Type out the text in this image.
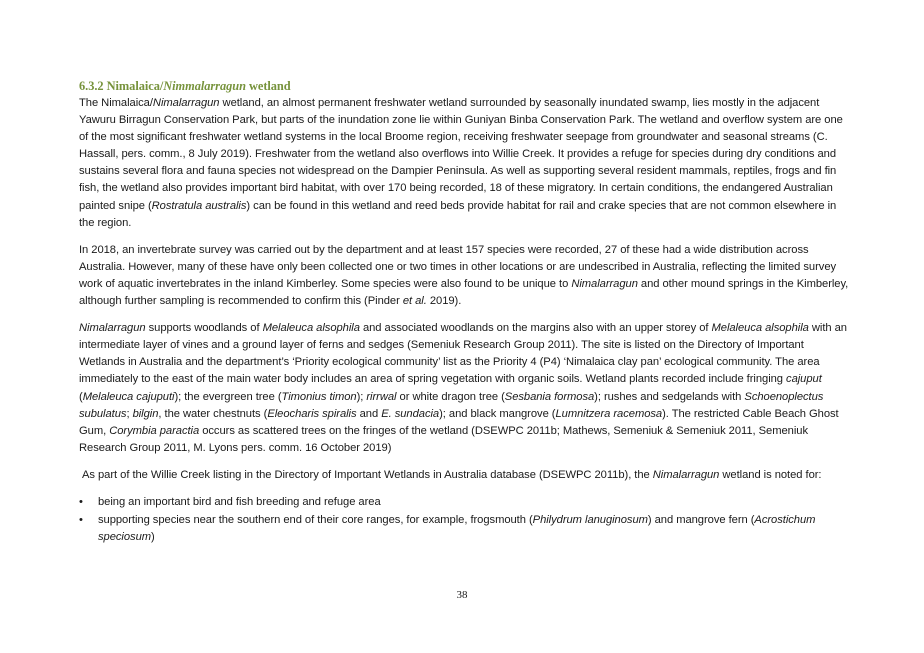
6.3.2 Nimalaica/Nimmalarragun wetland

The Nimalaica/Nimalarragun wetland, an almost permanent freshwater wetland surrounded by seasonally inundated swamp, lies mostly in the adjacent Yawuru Birragun Conservation Park, but parts of the inundation zone lie within Guniyan Binba Conservation Park. The wetland and overflow system are one of the most significant freshwater wetland systems in the local Broome region, receiving freshwater seepage from groundwater and seasonal streams (C. Hassall, pers. comm., 8 July 2019). Freshwater from the wetland also overflows into Willie Creek. It provides a refuge for species during dry conditions and sustains several flora and fauna species not widespread on the Dampier Peninsula. As well as supporting several resident mammals, reptiles, frogs and fin fish, the wetland also provides important bird habitat, with over 170 being recorded, 18 of these migratory. In certain conditions, the endangered Australian painted snipe (Rostratula australis) can be found in this wetland and reed beds provide habitat for rail and crake species that are not common elsewhere in the region.

In 2018, an invertebrate survey was carried out by the department and at least 157 species were recorded, 27 of these had a wide distribution across Australia. However, many of these have only been collected one or two times in other locations or are undescribed in Australia, reflecting the limited survey work of aquatic invertebrates in the inland Kimberley. Some species were also found to be unique to Nimalarragun and other mound springs in the Kimberley, although further sampling is recommended to confirm this (Pinder et al. 2019).

Nimalarragun supports woodlands of Melaleuca alsophila and associated woodlands on the margins also with an upper storey of Melaleuca alsophila with an intermediate layer of vines and a ground layer of ferns and sedges (Semeniuk Research Group 2011). The site is listed on the Directory of Important Wetlands in Australia and the department’s ‘Priority ecological community’ list as the Priority 4 (P4) ‘Nimalaica clay pan’ ecological community. The area immediately to the east of the main water body includes an area of spring vegetation with organic soils. Wetland plants recorded include fringing cajuput (Melaleuca cajuputi); the evergreen tree (Timonius timon); rirrwal or white dragon tree (Sesbania formosa); rushes and sedgelands with Schoenoplectus subulatus; bilgin, the water chestnuts (Eleocharis spiralis and E. sundacia); and black mangrove (Lumnitzera racemosa). The restricted Cable Beach Ghost Gum, Corymbia paractia occurs as scattered trees on the fringes of the wetland (DSEWPC 2011b; Mathews, Semeniuk & Semeniuk 2011, Semeniuk Research Group 2011, M. Lyons pers. comm. 16 October 2019)

As part of the Willie Creek listing in the Directory of Important Wetlands in Australia database (DSEWPC 2011b), the Nimalarragun wetland is noted for:

• being an important bird and fish breeding and refuge area
• supporting species near the southern end of their core ranges, for example, frogsmouth (Philydrum lanuginosum) and mangrove fern (Acrostichum speciosum)
38
